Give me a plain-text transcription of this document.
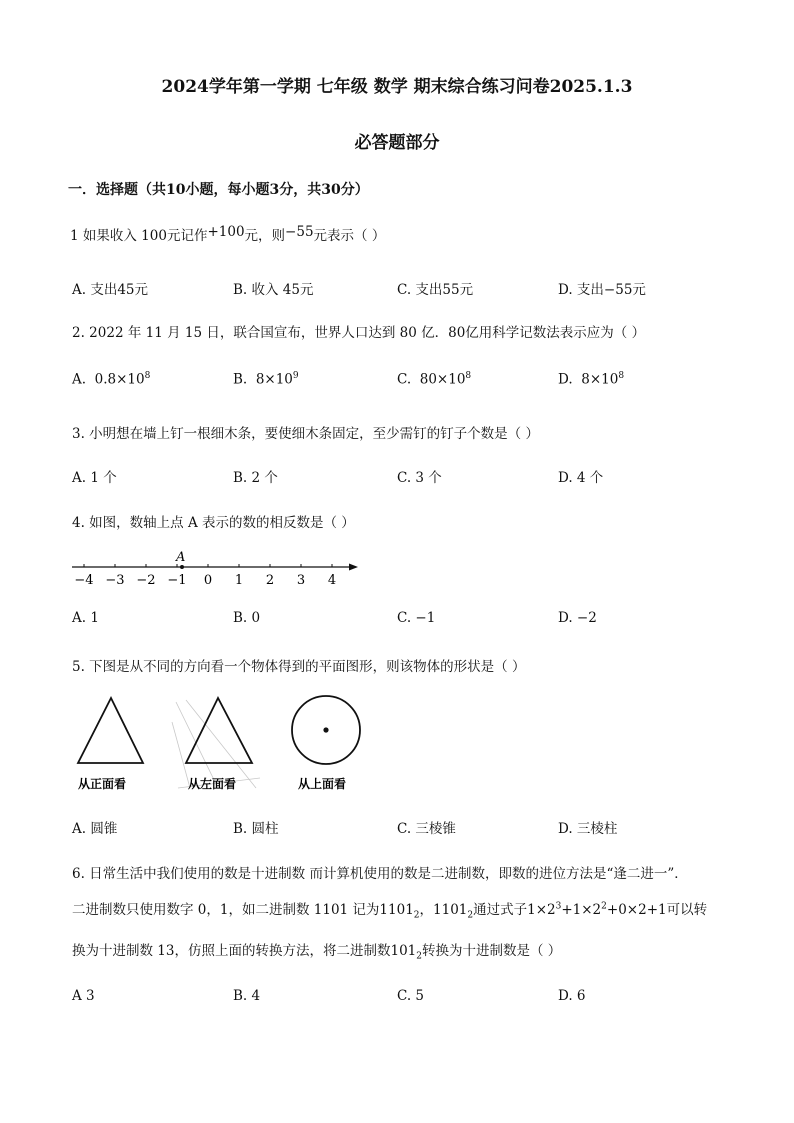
2024学年第一学期 七年级 数学 期末综合练习问卷2025.1.3
必答题部分
一．选择题（共10小题，每小题3分，共30分）
1 如果收入 100元记作+100元，则−55元表示（ ）
A. 支出45元	B. 收入 45元	C. 支出55元	D. 支出−55元
2. 2022 年 11 月 15 日，联合国宣布，世界人口达到 80 亿．80亿用科学记数法表示应为（ ）
A. $0.8\times 10^8$	B. $8\times 10^9$	C. $80\times 10^8$	D. $8\times 10^8$
3. 小明想在墙上钉一根细木条，要使细木条固定，至少需钉的钉子个数是（ ）
A. 1 个	B. 2 个	C. 3 个	D. 4 个
4. 如图，数轴上点 A 表示的数的相反数是（ ）
−4 −3 −2 −1 0 1 2 3 4
A
A. 1	B. 0	C. −1	D. −2
5. 下图是从不同的方向看一个物体得到的平面图形，则该物体的形状是（ ）
从正面看	从左面看	从上面看
A. 圆锥	B. 圆柱	C. 三棱锥	D. 三棱柱
6. 日常生活中我们使用的数是十进制数 而计算机使用的数是二进制数，即数的进位方法是“逢二进一”．
二进制数只使用数字 0，1，如二进制数 1101 记为$1101_2$，$1101_2$通过式子$1\times 2^3+1\times 2^2+0\times 2+1$可以转
换为十进制数 13，仿照上面的转换方法，将二进制数$101_2$转换为十进制数是（ ）
A 3	B. 4	C. 5	D. 6
